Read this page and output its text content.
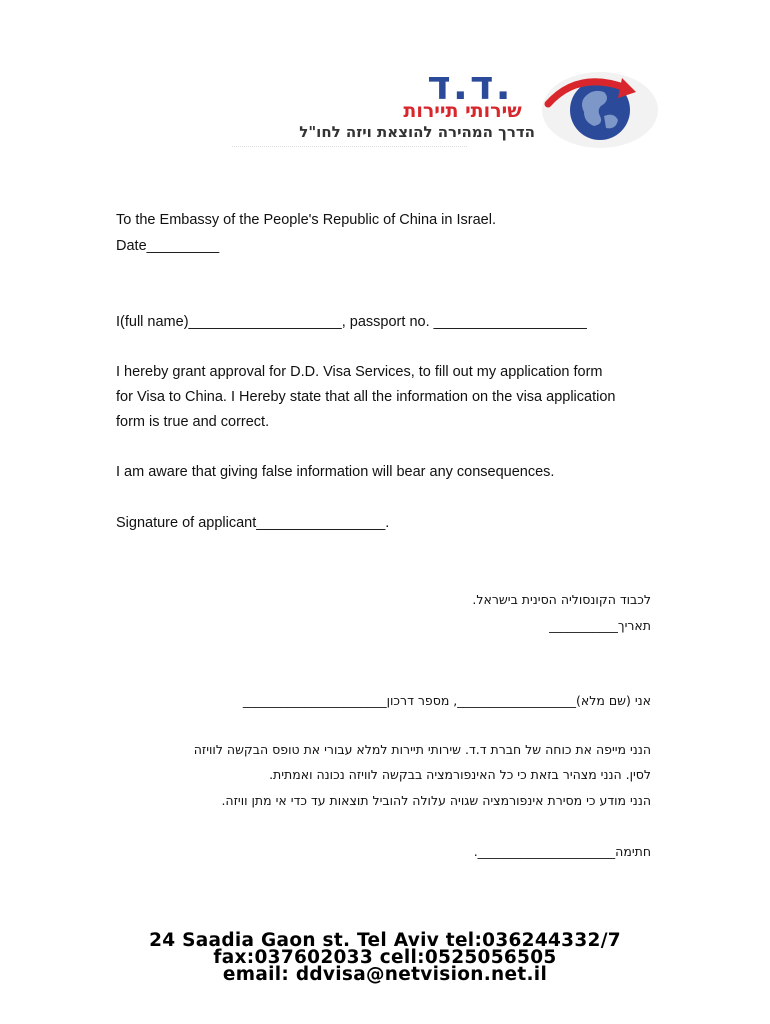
ד.ד.
שירותי תיירות
הדרך המהירה להוצאת ויזה לחו"ל
To the Embassy of the People's Republic of China in Israel.
Date_________
I(full name)___________________, passport no. ___________________
I hereby grant approval for D.D. Visa Services, to fill out my application form
for Visa to China. I Hereby state that all the information on the visa application
form is true and correct.
I am aware that giving false information will bear any consequences.
Signature of applicant________________.
לכבוד הקונסוליה הסינית בישראל.
תאריך___________
אני (שם מלא)___________________, מספר דרכון_______________________
הנני מייפה את כוחה של חברת ד.ד. שירותי תיירות למלא עבורי את טופס הבקשה לוויזה
לסין. הנני מצהיר בזאת כי כל האינפורמציה בבקשה לוויזה נכונה ואמתית.
הנני מודע כי מסירת אינפורמציה שגויה עלולה להוביל תוצאות עד כדי אי מתן וויזה.
חתימה______________________.
24 Saadia Gaon st. Tel Aviv tel:036244332/7
fax:037602033 cell:0525056505
email: ddvisa@netvision.net.il
